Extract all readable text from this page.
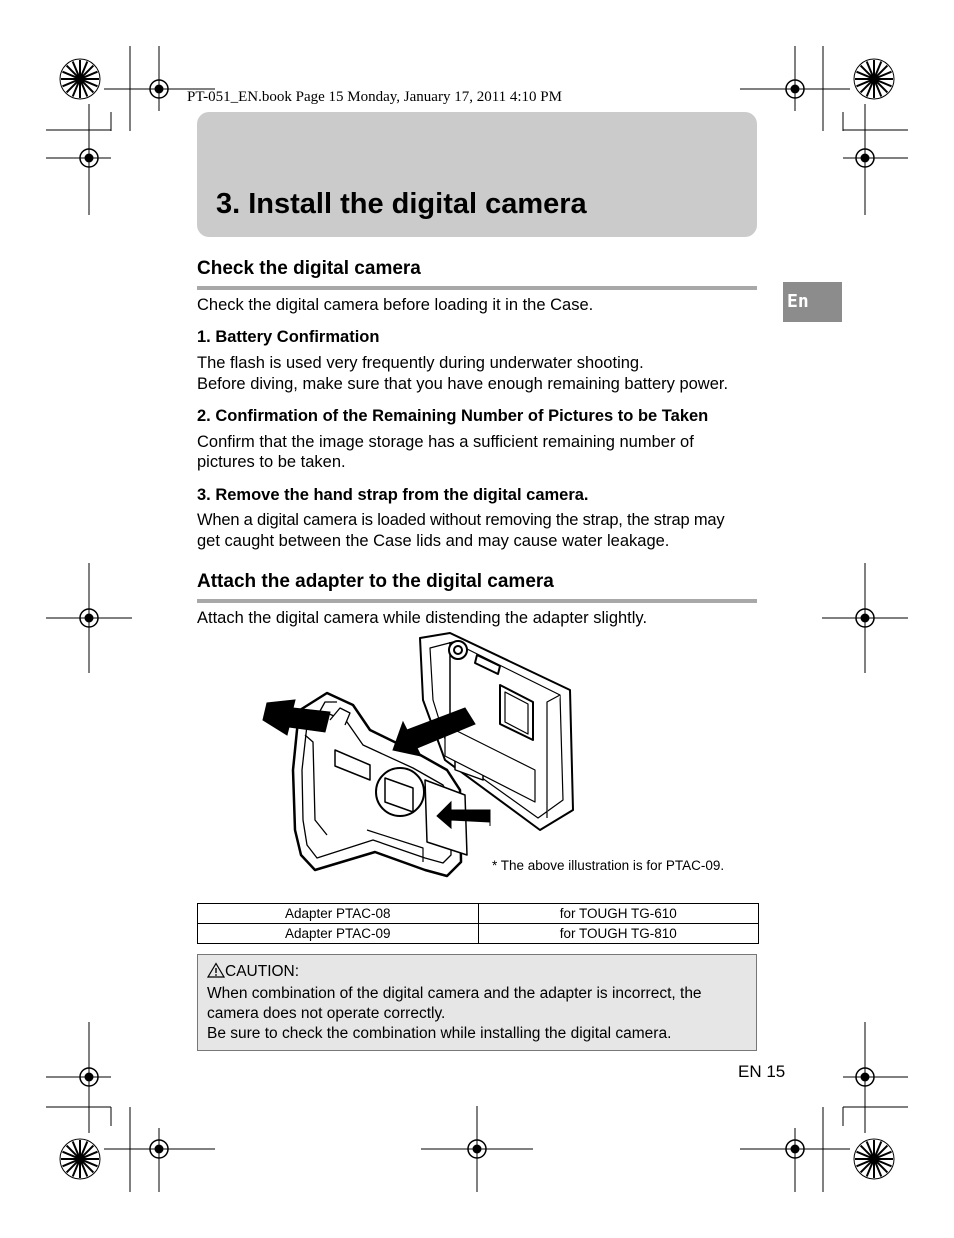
PT-051_EN.book Page 15 Monday, January 17, 2011 4:10 PM
3. Install the digital camera
En
Check the digital camera
Check the digital camera before loading it in the Case.
1. Battery Confirmation
The flash is used very frequently during underwater shooting.
Before diving, make sure that you have enough remaining battery power.
2. Confirmation of the Remaining Number of Pictures to be Taken
Confirm that the image storage has a sufficient remaining number of
pictures to be taken.
3. Remove the hand strap from the digital camera.
When a digital camera is loaded without removing the strap, the strap may
get caught between the Case lids and may cause water leakage.
Attach the adapter to the digital camera
Attach the digital camera while distending the adapter slightly.
* The above illustration is for PTAC-09.
Adapter PTAC-08	for TOUGH TG-610
Adapter PTAC-09	for TOUGH TG-810
CAUTION:
When combination of the digital camera and the adapter is incorrect, the
camera does not operate correctly.
Be sure to check the combination while installing the digital camera.
EN 15
